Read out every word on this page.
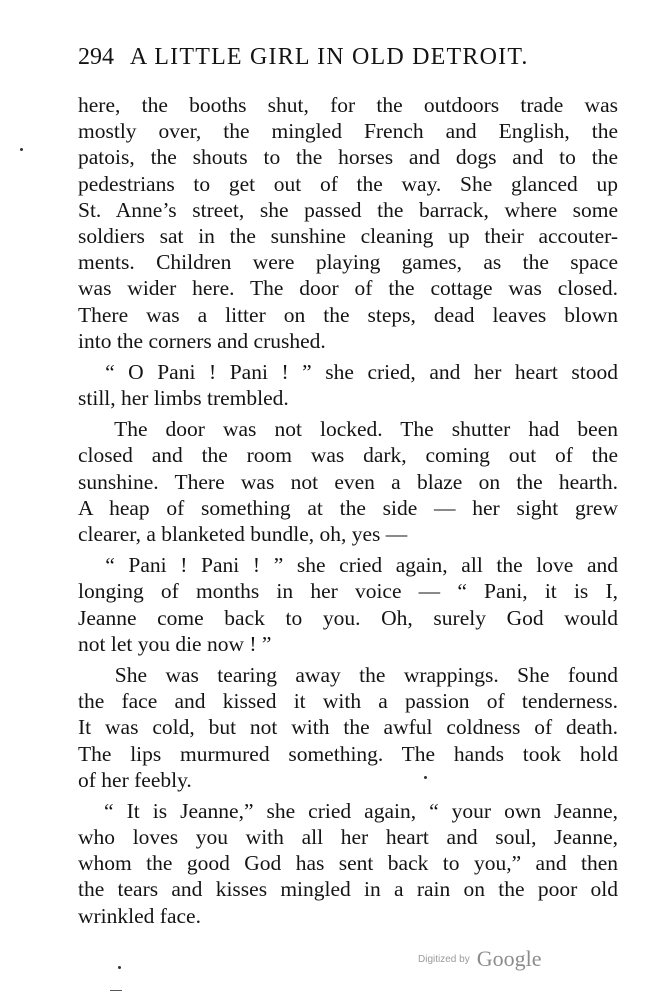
294 A LITTLE GIRL IN OLD DETROIT.
here, the booths shut, for the outdoors trade was
mostly over, the mingled French and English, the
patois, the shouts to the horses and dogs and to the
pedestrians to get out of the way. She glanced up
St. Anne’s street, she passed the barrack, where some
soldiers sat in the sunshine cleaning up their accouter-
ments. Children were playing games, as the space
was wider here. The door of the cottage was closed.
There was a litter on the steps, dead leaves blown
into the corners and crushed.
“ O Pani ! Pani ! ” she cried, and her heart stood
still, her limbs trembled.
The door was not locked. The shutter had been
closed and the room was dark, coming out of the
sunshine. There was not even a blaze on the hearth.
A heap of something at the side — her sight grew
clearer, a blanketed bundle, oh, yes —
“ Pani ! Pani ! ” she cried again, all the love and
longing of months in her voice — “ Pani, it is I,
Jeanne come back to you. Oh, surely God would
not let you die now ! ”
She was tearing away the wrappings. She found
the face and kissed it with a passion of tenderness.
It was cold, but not with the awful coldness of death.
The lips murmured something. The hands took hold
of her feebly.
“ It is Jeanne,” she cried again, “ your own Jeanne,
who loves you with all her heart and soul, Jeanne,
whom the good God has sent back to you,” and then
the tears and kisses mingled in a rain on the poor old
wrinkled face.
Digitized by Google
